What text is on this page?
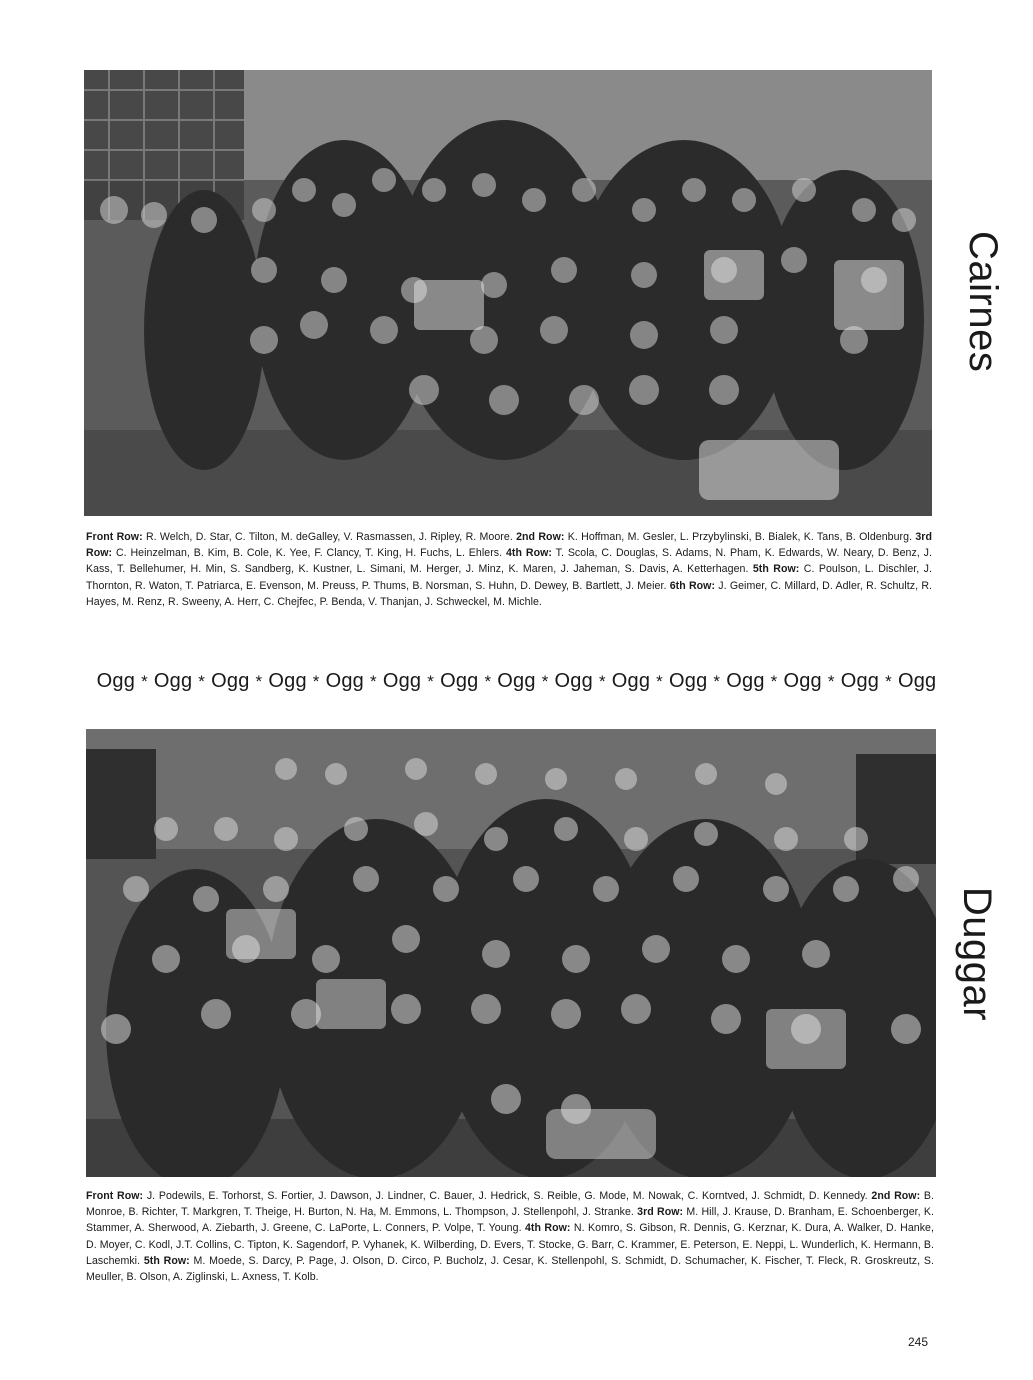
Front Row: R. Welch, D. Star, C. Tilton, M. deGalley, V. Rasmassen, J. Ripley, R. Moore. 2nd Row: K. Hoffman, M. Gesler, L. Przybylinski, B. Bialek, K. Tans, B. Oldenburg. 3rd Row: C. Heinzelman, B. Kim, B. Cole, K. Yee, F. Clancy, T. King, H. Fuchs, L. Ehlers. 4th Row: T. Scola, C. Douglas, S. Adams, N. Pham, K. Edwards, W. Neary, D. Benz, J. Kass, T. Bellehumer, H. Min, S. Sandberg, K. Kustner, L. Simani, M. Herger, J. Minz, K. Maren, J. Jaheman, S. Davis, A. Ketterhagen. 5th Row: C. Poulson, L. Dischler, J. Thornton, R. Waton, T. Patriarca, E. Evenson, M. Preuss, P. Thums, B. Norsman, S. Huhn, D. Dewey, B. Bartlett, J. Meier. 6th Row: J. Geimer, C. Millard, D. Adler, R. Schultz, R. Hayes, M. Renz, R. Sweeny, A. Herr, C. Chejfec, P. Benda, V. Thanjan, J. Schweckel, M. Michle.

Cairnes
Ogg * Ogg * Ogg * Ogg * Ogg * Ogg * Ogg * Ogg * Ogg * Ogg * Ogg * Ogg * Ogg * Ogg * Ogg

Front Row: J. Podewils, E. Torhorst, S. Fortier, J. Dawson, J. Lindner, C. Bauer, J. Hedrick, S. Reible, G. Mode, M. Nowak, C. Korntved, J. Schmidt, D. Kennedy. 2nd Row: B. Monroe, B. Richter, T. Markgren, T. Theige, H. Burton, N. Ha, M. Emmons, L. Thompson, J. Stellenpohl, J. Stranke. 3rd Row: M. Hill, J. Krause, D. Branham, E. Schoenberger, K. Stammer, A. Sherwood, A. Ziebarth, J. Greene, C. LaPorte, L. Conners, P. Volpe, T. Young. 4th Row: N. Komro, S. Gibson, R. Dennis, G. Kerznar, K. Dura, A. Walker, D. Hanke, D. Moyer, C. Kodl, J.T. Collins, C. Tipton, K. Sagendorf, P. Vyhanek, K. Wilberding, D. Evers, T. Stocke, G. Barr, C. Krammer, E. Peterson, E. Neppi, L. Wunderlich, K. Hermann, B. Laschemki. 5th Row: M. Moede, S. Darcy, P. Page, J. Olson, D. Circo, P. Bucholz, J. Cesar, K. Stellenpohl, S. Schmidt, D. Schumacher, K. Fischer, T. Fleck, R. Groskreutz, S. Meuller, B. Olson, A. Ziglinski, L. Axness, T. Kolb.

Duggar
245
